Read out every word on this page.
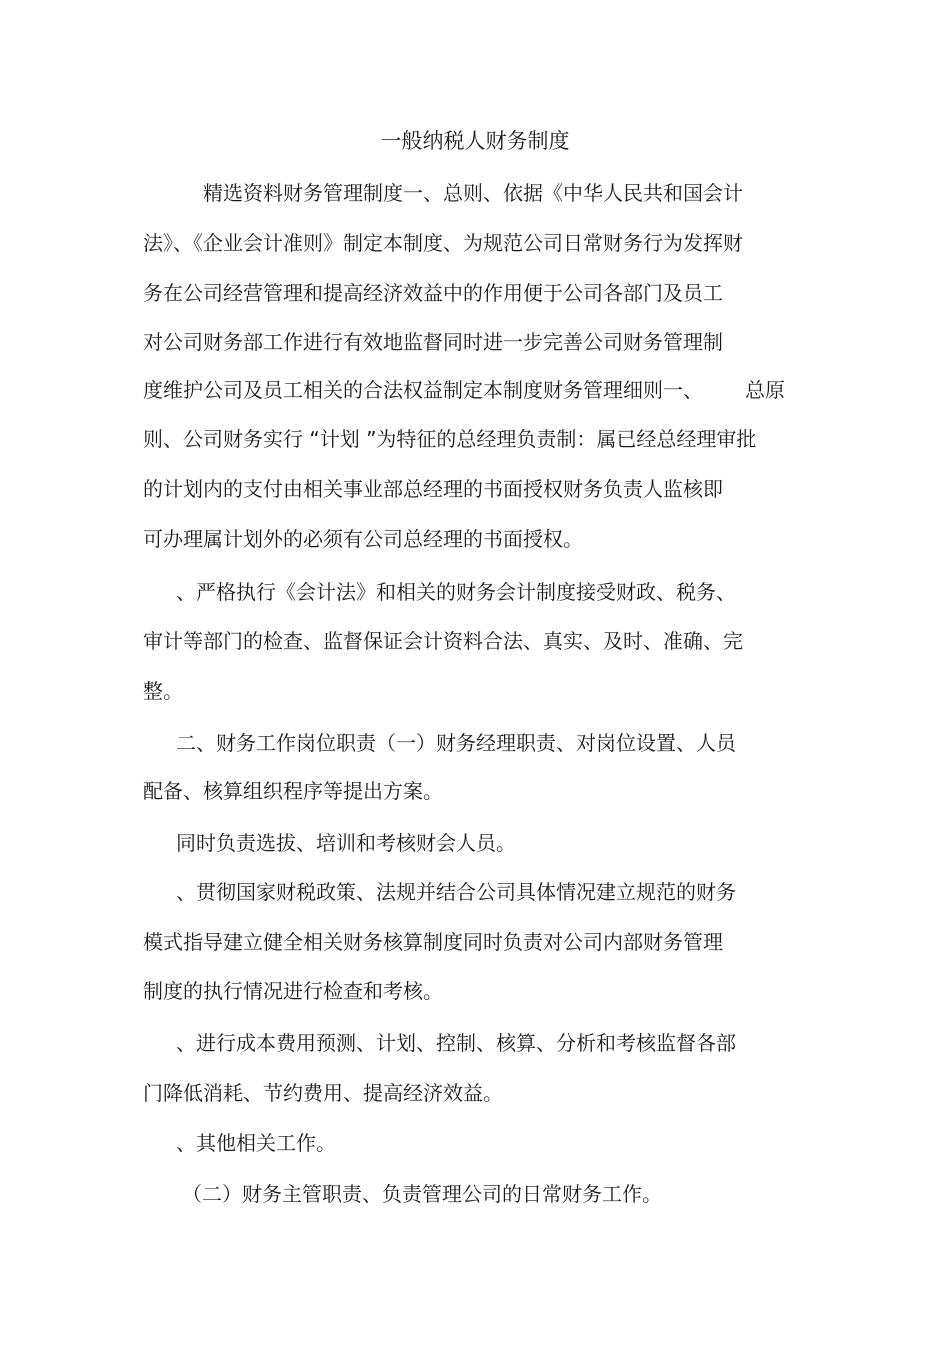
一般纳税人财务制度

精选资料财务管理制度一、总则、依据《中华人民共和国会计

法》、《企业会计准则》制定本制度、为规范公司日常财务行为发挥财

务在公司经营管理和提高经济效益中的作用便于公司各部门及员工

对公司财务部工作进行有效地监督同时进一步完善公司财务管理制

度维护公司及员工相关的合法权益制定本制度财务管理细则一、 总原

则、公司财务实行 “计划 ”为特征的总经理负责制：属已经总经理审批

的计划内的支付由相关事业部总经理的书面授权财务负责人监核即

可办理属计划外的必须有公司总经理的书面授权。

、严格执行《会计法》和相关的财务会计制度接受财政、税务、

审计等部门的检查、监督保证会计资料合法、真实、及时、准确、完

整。

二、财务工作岗位职责（一）财务经理职责、对岗位设置、人员

配备、核算组织程序等提出方案。

同时负责选拔、培训和考核财会人员。

、贯彻国家财税政策、法规并结合公司具体情况建立规范的财务

模式指导建立健全相关财务核算制度同时负责对公司内部财务管理

制度的执行情况进行检查和考核。

、进行成本费用预测、计划、控制、核算、分析和考核监督各部

门降低消耗、节约费用、提高经济效益。

、其他相关工作。

（二）财务主管职责、负责管理公司的日常财务工作。
